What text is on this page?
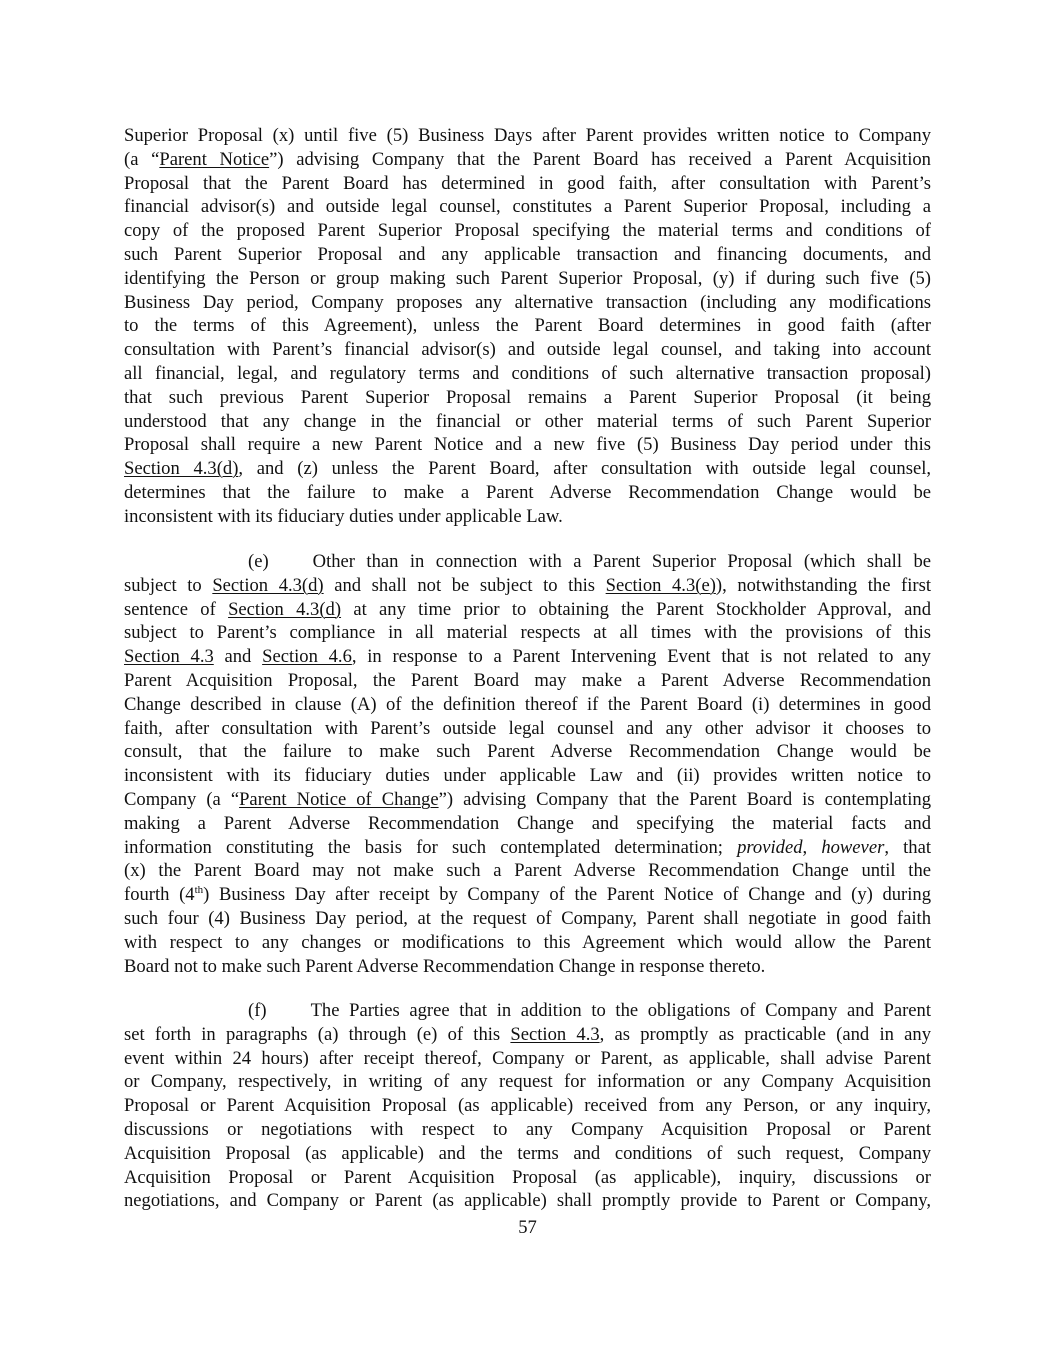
Superior Proposal (x) until five (5) Business Days after Parent provides written notice to Company
(a “Parent Notice”) advising Company that the Parent Board has received a Parent Acquisition
Proposal that the Parent Board has determined in good faith, after consultation with Parent’s
financial advisor(s) and outside legal counsel, constitutes a Parent Superior Proposal, including a
copy of the proposed Parent Superior Proposal specifying the material terms and conditions of
such Parent Superior Proposal and any applicable transaction and financing documents, and
identifying the Person or group making such Parent Superior Proposal, (y) if during such five (5)
Business Day period, Company proposes any alternative transaction (including any modifications
to the terms of this Agreement), unless the Parent Board determines in good faith (after
consultation with Parent’s financial advisor(s) and outside legal counsel, and taking into account
all financial, legal, and regulatory terms and conditions of such alternative transaction proposal)
that such previous Parent Superior Proposal remains a Parent Superior Proposal (it being
understood that any change in the financial or other material terms of such Parent Superior
Proposal shall require a new Parent Notice and a new five (5) Business Day period under this
Section 4.3(d), and (z) unless the Parent Board, after consultation with outside legal counsel,
determines that the failure to make a Parent Adverse Recommendation Change would be
inconsistent with its fiduciary duties under applicable Law.
(e) Other than in connection with a Parent Superior Proposal (which shall be
subject to Section 4.3(d) and shall not be subject to this Section 4.3(e)), notwithstanding the first
sentence of Section 4.3(d) at any time prior to obtaining the Parent Stockholder Approval, and
subject to Parent’s compliance in all material respects at all times with the provisions of this
Section 4.3 and Section 4.6, in response to a Parent Intervening Event that is not related to any
Parent Acquisition Proposal, the Parent Board may make a Parent Adverse Recommendation
Change described in clause (A) of the definition thereof if the Parent Board (i) determines in good
faith, after consultation with Parent’s outside legal counsel and any other advisor it chooses to
consult, that the failure to make such Parent Adverse Recommendation Change would be
inconsistent with its fiduciary duties under applicable Law and (ii) provides written notice to
Company (a “Parent Notice of Change”) advising Company that the Parent Board is contemplating
making a Parent Adverse Recommendation Change and specifying the material facts and
information constituting the basis for such contemplated determination; provided, however, that
(x) the Parent Board may not make such a Parent Adverse Recommendation Change until the
fourth (4th) Business Day after receipt by Company of the Parent Notice of Change and (y) during
such four (4) Business Day period, at the request of Company, Parent shall negotiate in good faith
with respect to any changes or modifications to this Agreement which would allow the Parent
Board not to make such Parent Adverse Recommendation Change in response thereto.
(f) The Parties agree that in addition to the obligations of Company and Parent
set forth in paragraphs (a) through (e) of this Section 4.3, as promptly as practicable (and in any
event within 24 hours) after receipt thereof, Company or Parent, as applicable, shall advise Parent
or Company, respectively, in writing of any request for information or any Company Acquisition
Proposal or Parent Acquisition Proposal (as applicable) received from any Person, or any inquiry,
discussions or negotiations with respect to any Company Acquisition Proposal or Parent
Acquisition Proposal (as applicable) and the terms and conditions of such request, Company
Acquisition Proposal or Parent Acquisition Proposal (as applicable), inquiry, discussions or
negotiations, and Company or Parent (as applicable) shall promptly provide to Parent or Company,
57
